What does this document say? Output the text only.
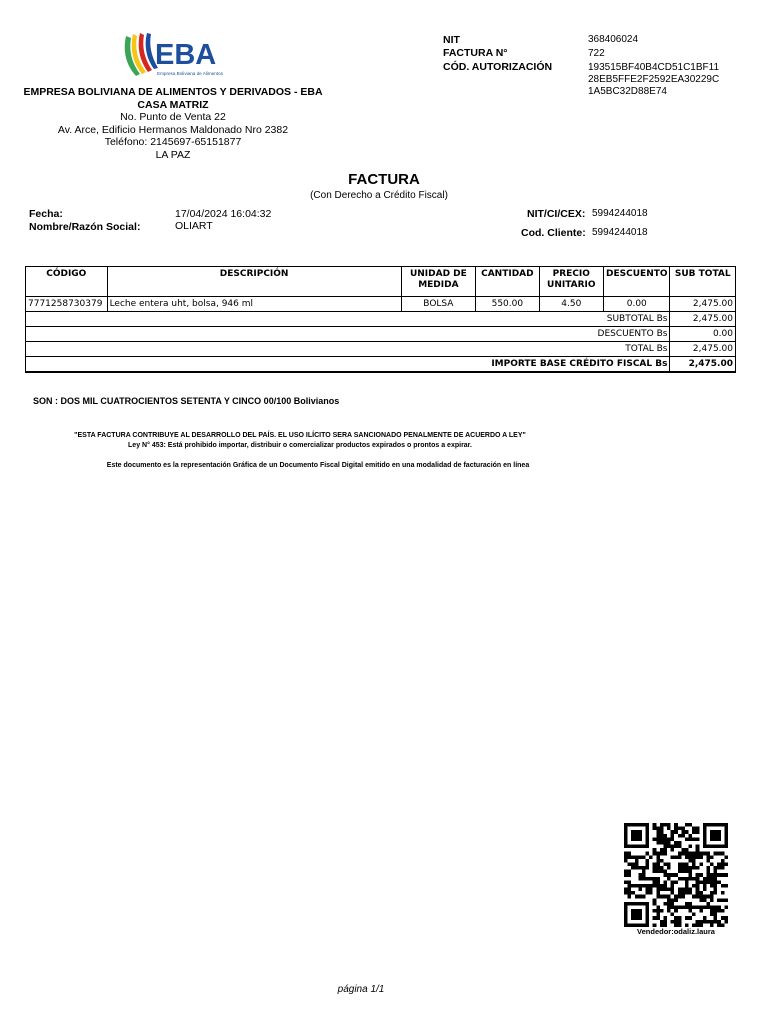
EBA
Empresa Boliviana de Alimentos
EMPRESA BOLIVIANA DE ALIMENTOS Y DERIVADOS - EBA
CASA MATRIZ
No. Punto de Venta 22
Av. Arce, Edificio Hermanos Maldonado Nro 2382
Teléfono: 2145697-65151877
LA PAZ
NIT	368406024
FACTURA N°	722
CÓD. AUTORIZACIÓN	193515BF40B4CD51C1BF11
28EB5FFE2F2592EA30229C
1A5BC32D88E74
FACTURA
(Con Derecho a Crédito Fiscal)
Fecha:	17/04/2024 16:04:32
Nombre/Razón Social:	OLIART
NIT/CI/CEX: 5994244018
Cod. Cliente: 5994244018
CÓDIGO	DESCRIPCIÓN	UNIDAD DE MEDIDA	CANTIDAD	PRECIO UNITARIO	DESCUENTO	SUB TOTAL
7771258730379	Leche entera uht, bolsa, 946 ml	BOLSA	550.00	4.50	0.00	2,475.00
SUBTOTAL Bs						2,475.00
DESCUENTO Bs						0.00
TOTAL Bs						2,475.00
IMPORTE BASE CRÉDITO FISCAL Bs						2,475.00
SON : DOS MIL CUATROCIENTOS SETENTA Y CINCO 00/100 Bolivianos
"ESTA FACTURA CONTRIBUYE AL DESARROLLO DEL PAÍS. EL USO ILÍCITO SERA SANCIONADO PENALMENTE DE ACUERDO A LEY"
Ley N° 453: Está prohibido importar, distribuir o comercializar productos expirados o prontos a expirar.
Este documento es la representación Gráfica de un Documento Fiscal Digital emitido en una modalidad de facturación en línea
Vendedor:odaliz.laura
página 1/1
